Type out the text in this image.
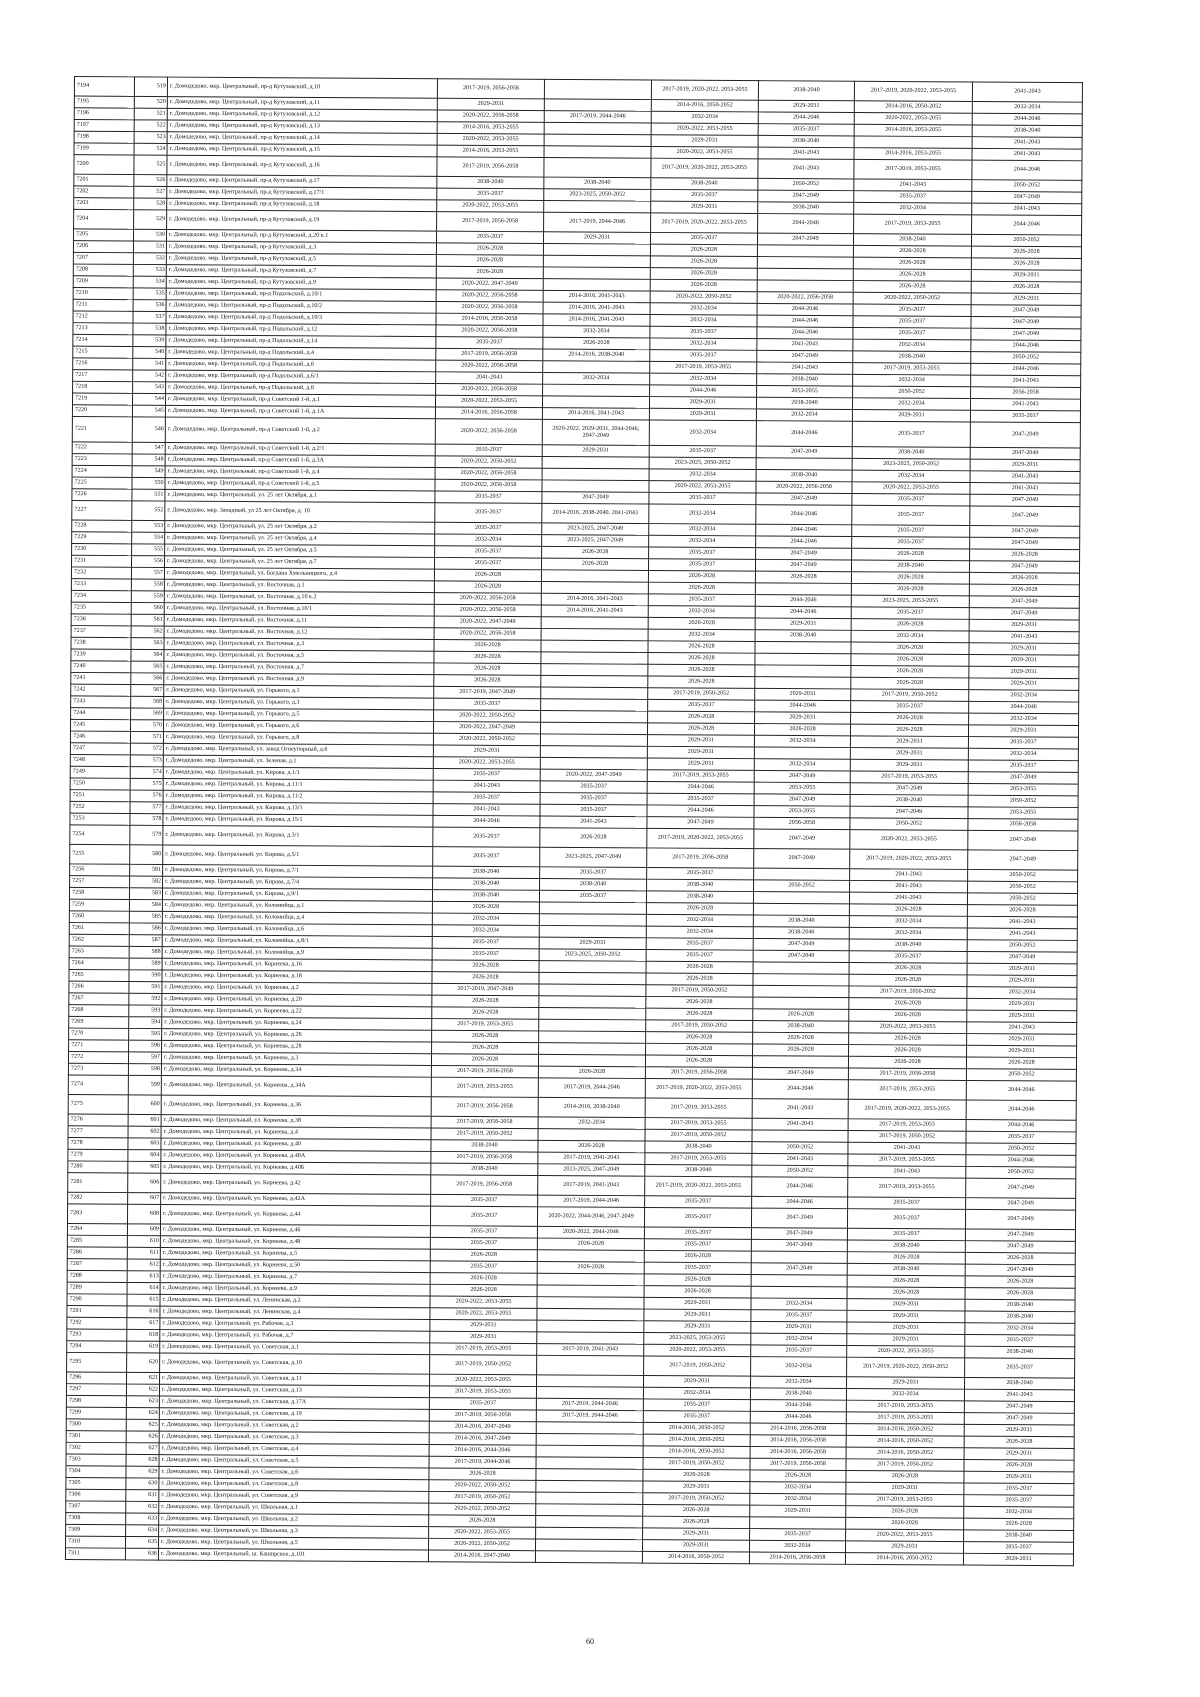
7194	519	г. Домодедово, мкр. Центральный, пр-д Кутузовский, д.10	2017-2019, 2056-2058		2017-2019, 2020-2022, 2053-2055	2038-2040	2017-2019, 2020-2022, 2053-2055	2041-2043
7195	520	г. Домодедово, мкр. Центральный, пр-д Кутузовский, д.11	2029-2031		2014-2016, 2050-2052	2029-2031	2014-2016, 2050-2052	2032-2034
7196	521	г. Домодедово, мкр. Центральный, пр-д Кутузовский, д.12	2020-2022, 2056-2058	2017-2019, 2044-2046	2032-2034	2044-2046	2020-2022, 2053-2055	2044-2046
7197	522	г. Домодедово, мкр. Центральный, пр-д Кутузовский, д.13	2014-2016, 2053-2055		2020-2022, 2053-2055	2035-2037	2014-2016, 2053-2055	2038-2040
7198	523	г. Домодедово, мкр. Центральный, пр-д Кутузовский, д.14	2020-2022, 2053-2055		2029-2031	2038-2040		2041-2043
7199	524	г. Домодедово, мкр. Центральный, пр-д Кутузовский, д.15	2014-2016, 2053-2055		2020-2022, 2053-2055	2041-2043	2014-2016, 2053-2055	2041-2043
7200	525	г. Домодедово, мкр. Центральный, пр-д Кутузовский, д.16	2017-2019, 2056-2058		2017-2019, 2020-2022, 2053-2055	2041-2043	2017-2019, 2053-2055	2044-2046
7201	526	г. Домодедово, мкр. Центральный, пр-д Кутузовский, д.17	2038-2040	2038-2040	2038-2040	2050-2052	2041-2043	2050-2052
7202	527	г. Домодедово, мкр. Центральный, пр-д Кутузовский, д.17/1	2035-2037	2023-2025, 2050-2052	2035-2037	2047-2049	2035-2037	2047-2049
7203	528	г. Домодедово, мкр. Центральный, пр-д Кутузовский, д.18	2020-2022, 2053-2055		2029-2031	2038-2040	2032-2034	2041-2043
7204	529	г. Домодедово, мкр. Центральный, пр-д Кутузовский, д.19	2017-2019, 2056-2058	2017-2019, 2044-2046	2017-2019, 2020-2022, 2053-2055	2044-2046	2017-2019, 2053-2055	2044-2046
7205	530	г. Домодедово, мкр. Центральный, пр-д Кутузовский, д.20 к.1	2035-2037	2029-2031	2035-2037	2047-2049	2038-2040	2050-2052
7206	531	г. Домодедово, мкр. Центральный, пр-д Кутузовский, д.3	2026-2028		2026-2028		2026-2028	2026-2028
7207	532	г. Домодедово, мкр. Центральный, пр-д Кутузовский, д.5	2026-2028		2026-2028		2026-2028	2026-2028
7208	533	г. Домодедово, мкр. Центральный, пр-д Кутузовский, д.7	2026-2028		2026-2028		2026-2028	2029-2031
7209	534	г. Домодедово, мкр. Центральный, пр-д Кутузовский, д.9	2020-2022, 2047-2049		2026-2028		2026-2028	2026-2028
7210	535	г. Домодедово, мкр. Центральный, пр-д Подольский, д.10/1	2020-2022, 2056-2058	2014-2016, 2041-2043	2020-2022, 2050-2052	2020-2022, 2056-2058	2020-2022, 2050-2052	2029-2031
7211	536	г. Домодедово, мкр. Центральный, пр-д Подольский, д.10/2	2020-2022, 2056-2058	2014-2016, 2041-2043	2032-2034	2044-2046	2035-2037	2047-2049
7212	537	г. Домодедово, мкр. Центральный, пр-д Подольский, д.10/3	2014-2016, 2056-2058	2014-2016, 2041-2043	2032-2034	2044-2046	2035-2037	2047-2049
7213	538	г. Домодедово, мкр. Центральный, пр-д Подольский, д.12	2020-2022, 2056-2058	2032-2034	2035-2037	2044-2046	2035-2037	2047-2049
7214	539	г. Домодедово, мкр. Центральный, пр-д Подольский, д.14	2035-2037	2026-2028	2032-2034	2041-2043	2032-2034	2044-2046
7215	540	г. Домодедово, мкр. Центральный, пр-д Подольский, д.4	2017-2019, 2056-2058	2014-2016, 2038-2040	2035-2037	2047-2049	2038-2040	2050-2052
7216	541	г. Домодедово, мкр. Центральный, пр-д Подольский, д.6	2020-2022, 2056-2058		2017-2019, 2053-2055	2041-2043	2017-2019, 2053-2055	2044-2046
7217	542	г. Домодедово, мкр. Центральный, пр-д Подольский, д.6/1	2041-2043	2032-2034	2032-2034	2038-2040	2032-2034	2041-2043
7218	543	г. Домодедово, мкр. Центральный, пр-д Подольский, д.8	2020-2022, 2056-2058		2044-2046	2053-2055	2050-2052	2056-2058
7219	544	г. Домодедово, мкр. Центральный, пр-д Советский 1-й, д.1	2020-2022, 2053-2055		2029-2031	2038-2040	2032-2034	2041-2043
7220	545	г. Домодедово, мкр. Центральный, пр-д Советский 1-й, д.1А	2014-2016, 2056-2058	2014-2016, 2041-2043	2029-2031	2032-2034	2029-2031	2035-2037
7221	546	г. Домодедово, мкр. Центральный, пр-д Советский 1-й, д.2	2020-2022, 2056-2058	2020-2022, 2029-2031, 2044-2046, 2047-2049	2032-2034	2044-2046	2035-2037	2047-2049
7222	547	г. Домодедово, мкр. Центральный, пр-д Советский 1-й, д.2/1	2035-2037	2029-2031	2035-2037	2047-2049	2038-2040	2047-2049
7223	548	г. Домодедово, мкр. Центральный, пр-д Советский 1-й, д.3А	2020-2022, 2050-2052		2023-2025, 2050-2052		2023-2025, 2050-2052	2029-2031
7224	549	г. Домодедово, мкр. Центральный, пр-д Советский 1-й, д.4	2020-2022, 2056-2058		2032-2034	2038-2040	2032-2034	2041-2043
7225	550	г. Домодедово, мкр. Центральный, пр-д Советский 1-й, д.5	2020-2022, 2056-2058		2020-2022, 2053-2055	2020-2022, 2056-2058	2020-2022, 2053-2055	2041-2043
7226	551	г. Домодедово, мкр. Центральный, ул. 25 лет Октября, д.1	2035-2037	2047-2049	2035-2037	2047-2049	2035-2037	2047-2049
7227	552	г. Домодедово, мкр. Западный, ул 25 лет Октября, д. 10	2035-2037	2014-2016, 2038-2040, 2041-2043	2032-2034	2044-2046	2035-2037	2047-2049
7228	553	г. Домодедово, мкр. Центральный, ул. 25 лет Октября, д.2	2035-2037	2023-2025, 2047-2049	2032-2034	2044-2046	2035-2037	2047-2049
7229	554	г. Домодедово, мкр. Центральный, ул. 25 лет Октября, д.4	2032-2034	2023-2025, 2047-2049	2032-2034	2044-2046	2035-2037	2047-2049
7230	555	г. Домодедово, мкр. Центральный, ул. 25 лет Октября, д.5	2035-2037	2026-2028	2035-2037	2047-2049	2026-2028	2026-2028
7231	556	г. Домодедово, мкр. Центральный, ул. 25 лет Октября, д.7	2035-2037	2026-2028	2035-2037	2047-2049	2038-2040	2047-2049
7232	557	г. Домодедово, мкр. Центральный, ул. Богдана Хмельницкого, д.4	2026-2028		2026-2028	2026-2028	2026-2028	2026-2028
7233	558	г. Домодедово, мкр. Центральный, ул. Восточная, д.1	2026-2028		2026-2028		2026-2028	2026-2028
7234	559	г. Домодедово, мкр. Центральный, ул. Восточная, д.10 к.2	2020-2022, 2056-2058	2014-2016, 2041-2043	2035-2037	2044-2046	2023-2025, 2053-2055	2047-2049
7235	560	г. Домодедово, мкр. Центральный, ул. Восточная, д.10/1	2020-2022, 2056-2058	2014-2016, 2041-2043	2032-2034	2044-2046	2035-2037	2047-2049
7236	561	г. Домодедово, мкр. Центральный, ул. Восточная, д.11	2020-2022, 2047-2049		2026-2028	2029-2031	2026-2028	2029-2031
7237	562	г. Домодедово, мкр. Центральный, ул. Восточная, д.12	2020-2022, 2056-2058		2032-2034	2038-2040	2032-2034	2041-2043
7238	563	г. Домодедово, мкр. Центральный, ул. Восточная, д.3	2026-2028		2026-2028		2026-2028	2029-2031
7239	564	г. Домодедово, мкр. Центральный, ул. Восточная, д.5	2026-2028		2026-2028		2026-2028	2029-2031
7240	565	г. Домодедово, мкр. Центральный, ул. Восточная, д.7	2026-2028		2026-2028		2026-2028	2029-2031
7241	566	г. Домодедово, мкр. Центральный, ул. Восточная, д.9	2026-2028		2026-2028		2026-2028	2029-2031
7242	567	г. Домодедово, мкр. Центральный, ул. Горького, д.1	2017-2019, 2047-2049		2017-2019, 2050-2052	2029-2031	2017-2019, 2050-2052	2032-2034
7243	568	г. Домодедово, мкр. Центральный, ул. Горького, д.3	2035-2037		2035-2037	2044-2046	2035-2037	2044-2046
7244	569	г. Домодедово, мкр. Центральный, ул. Горького, д.5	2020-2022, 2050-2052		2026-2028	2029-2031	2026-2028	2032-2034
7245	570	г. Домодедово, мкр. Центральный, ул. Горького, д.6	2020-2022, 2047-2049		2026-2028	2026-2028	2026-2028	2029-2031
7246	571	г. Домодедово, мкр. Центральный, ул. Горького, д.8	2020-2022, 2050-2052		2029-2031	2032-2034	2029-2031	2035-2037
7247	572	г. Домодедово, мкр. Центральный, ул. завод Огнеупорный, д.6	2029-2031		2029-2031		2029-2031	2032-2034
7248	573	г. Домодедово, мкр. Центральный, ул. Зеленая, д.1	2020-2022, 2053-2055		2029-2031	2032-2034	2029-2031	2035-2037
7249	574	г. Домодедово, мкр. Центральный, ул. Кирова, д.1/1	2035-2037	2020-2022, 2047-2049	2017-2019, 2053-2055	2047-2049	2017-2019, 2053-2055	2047-2049
7250	575	г. Домодедово, мкр. Центральный, ул. Кирова, д.11/1	2041-2043	2035-2037	2044-2046	2053-2055	2047-2049	2053-2055
7251	576	г. Домодедово, мкр. Центральный, ул. Кирова, д.11/2	2035-2037	2035-2037	2035-2037	2047-2049	2038-2040	2050-2052
7252	577	г. Домодедово, мкр. Центральный, ул. Кирова, д.13/1	2041-2043	2035-2037	2044-2046	2053-2055	2047-2049	2053-2055
7253	578	г. Домодедово, мкр. Центральный, ул. Кирова, д.15/1	2044-2046	2041-2043	2047-2049	2056-2058	2050-2052	2056-2058
7254	579	г. Домодедово, мкр. Центральный, ул. Кирова, д.3/1	2035-2037	2026-2028	2017-2019, 2020-2022, 2053-2055	2047-2049	2020-2022, 2053-2055	2047-2049
7255	580	г. Домодедово, мкр. Центральный, ул. Кирова, д.5/1	2035-2037	2023-2025, 2047-2049	2017-2019, 2056-2058	2047-2049	2017-2019, 2020-2022, 2053-2055	2047-2049
7256	581	г. Домодедово, мкр. Центральный, ул. Кирова, д.7/1	2038-2040	2035-2037	2035-2037		2041-2043	2050-2052
7257	582	г. Домодедово, мкр. Центральный, ул. Кирова, д.7/4	2038-2040	2038-2040	2038-2040	2050-2052	2041-2043	2050-2052
7258	583	г. Домодедово, мкр. Центральный, ул. Кирова, д.9/1	2038-2040	2035-2037	2038-2040		2041-2043	2050-2052
7259	584	г. Домодедово, мкр. Центральный, ул. Коломийца, д.1	2026-2028		2026-2028		2026-2028	2026-2028
7260	585	г. Домодедово, мкр. Центральный, ул. Коломийца, д.4	2032-2034		2032-2034	2038-2040	2032-2034	2041-2043
7261	586	г. Домодедово, мкр. Центральный, ул. Коломийца, д.6	2032-2034		2032-2034	2038-2040	2032-2034	2041-2043
7262	587	г. Домодедово, мкр. Центральный, ул. Коломийца, д.8/1	2035-2037	2029-2031	2035-2037	2047-2049	2038-2040	2050-2052
7263	588	г. Домодедово, мкр. Центральный, ул. Коломийца, д.9	2035-2037	2023-2025, 2050-2052	2035-2037	2047-2049	2035-2037	2047-2049
7264	589	г. Домодедово, мкр. Центральный, ул. Корнеева, д.16	2026-2028		2026-2028		2026-2028	2029-2031
7265	590	г. Домодедово, мкр. Центральный, ул. Корнеева, д.18	2026-2028		2026-2028		2026-2028	2029-2031
7266	591	г. Домодедово, мкр. Центральный, ул. Корнеева, д.2	2017-2019, 2047-2049		2017-2019, 2050-2052		2017-2019, 2050-2052	2032-2034
7267	592	г. Домодедово, мкр. Центральный, ул. Корнеева, д.20	2026-2028		2026-2028		2026-2028	2029-2031
7268	593	г. Домодедово, мкр. Центральный, ул. Корнеева, д.22	2026-2028		2026-2028	2026-2028	2026-2028	2029-2031
7269	594	г. Домодедово, мкр. Центральный, ул. Корнеева, д.24	2017-2019, 2053-2055		2017-2019, 2050-2052	2038-2040	2020-2022, 2053-2055	2041-2043
7270	595	г. Домодедово, мкр. Центральный, ул. Корнеева, д.26	2026-2028		2026-2028	2026-2028	2026-2028	2029-2031
7271	596	г. Домодедово, мкр. Центральный, ул. Корнеева, д.28	2026-2028		2026-2028	2026-2028	2026-2028	2029-2031
7272	597	г. Домодедово, мкр. Центральный, ул. Корнеева, д.3	2026-2028		2026-2028		2026-2028	2026-2028
7273	598	г. Домодедово, мкр. Центральный, ул. Корнеева, д.34	2017-2019, 2056-2058	2026-2028	2017-2019, 2056-2058	2047-2049	2017-2019, 2056-2058	2050-2052
7274	599	г. Домодедово, мкр. Центральный, ул. Корнеева, д.34А	2017-2019, 2053-2055	2017-2019, 2044-2046	2017-2019, 2020-2022, 2053-2055	2044-2046	2017-2019, 2053-2055	2044-2046
7275	600	г. Домодедово, мкр. Центральный, ул. Корнеева, д.36	2017-2019, 2056-2058	2014-2016, 2038-2040	2017-2019, 2053-2055	2041-2043	2017-2019, 2020-2022, 2053-2055	2044-2046
7276	601	г. Домодедово, мкр. Центральный, ул. Корнеева, д.38	2017-2019, 2056-2058	2032-2034	2017-2019, 2053-2055	2041-2043	2017-2019, 2053-2055	2044-2046
7277	602	г. Домодедово, мкр. Центральный, ул. Корнеева, д.4	2017-2019, 2050-2052		2017-2019, 2050-2052		2017-2019, 2050-2052	2035-2037
7278	603	г. Домодедово, мкр. Центральный, ул. Корнеева, д.40	2038-2040	2026-2028	2038-2040	2050-2052	2041-2043	2050-2052
7279	604	г. Домодедово, мкр. Центральный, ул. Корнеева, д.40А	2017-2019, 2056-2058	2017-2019, 2041-2043	2017-2019, 2053-2055	2041-2043	2017-2019, 2053-2055	2044-2046
7280	605	г. Домодедово, мкр. Центральный, ул. Корнеева, д.40Б	2038-2040	2023-2025, 2047-2049	2038-2040	2050-2052	2041-2043	2050-2052
7281	606	г. Домодедово, мкр. Центральный, ул. Корнеева, д.42	2017-2019, 2056-2058	2017-2019, 2041-2043	2017-2019, 2020-2022, 2053-2055	2044-2046	2017-2019, 2053-2055	2047-2049
7282	607	г. Домодедово, мкр. Центральный, ул. Корнеева, д.42А	2035-2037	2017-2019, 2044-2046	2035-2037	2044-2046	2035-2037	2047-2049
7283	608	г. Домодедово, мкр. Центральный, ул. Корнеева, д.44	2035-2037	2020-2022, 2044-2046, 2047-2049	2035-2037	2047-2049	2035-2037	2047-2049
7284	609	г. Домодедово, мкр. Центральный, ул. Корнеева, д.46	2035-2037	2020-2022, 2044-2046	2035-2037	2047-2049	2035-2037	2047-2049
7285	610	г. Домодедово, мкр. Центральный, ул. Корнеева, д.48	2035-2037	2026-2028	2035-2037	2047-2049	2038-2040	2047-2049
7286	611	г. Домодедово, мкр. Центральный, ул. Корнеева, д.5	2026-2028		2026-2028		2026-2028	2026-2028
7287	612	г. Домодедово, мкр. Центральный, ул. Корнеева, д.50	2035-2037	2026-2028	2035-2037	2047-2049	2038-2040	2047-2049
7288	613	г. Домодедово, мкр. Центральный, ул. Корнеева, д.7	2026-2028		2026-2028		2026-2028	2026-2028
7289	614	г. Домодедово, мкр. Центральный, ул. Корнеева, д.9	2026-2028		2026-2028		2026-2028	2026-2028
7290	615	г. Домодедово, мкр. Центральный, ул. Ленинская, д.2	2020-2022, 2053-2055		2029-2031	2032-2034	2029-2031	2038-2040
7291	616	г. Домодедово, мкр. Центральный, ул. Ленинская, д.4	2020-2022, 2053-2055		2029-2031	2035-2037	2029-2031	2038-2040
7292	617	г. Домодедово, мкр. Центральный, ул. Рабочая, д.3	2029-2031		2029-2031	2029-2031	2029-2031	2032-2034
7293	618	г. Домодедово, мкр. Центральный, ул. Рабочая, д.7	2029-2031		2023-2025, 2053-2055	2032-2034	2029-2031	2035-2037
7294	619	г. Домодедово, мкр. Центральный, ул. Советская, д.1	2017-2019, 2053-2055	2017-2019, 2041-2043	2020-2022, 2053-2055	2035-2037	2020-2022, 2053-2055	2038-2040
7295	620	г. Домодедово, мкр. Центральный, ул. Советская, д.10	2017-2019, 2050-2052		2017-2019, 2050-2052	2032-2034	2017-2019, 2020-2022, 2050-2052	2035-2037
7296	621	г. Домодедово, мкр. Центральный, ул. Советская, д.11	2020-2022, 2053-2055		2029-2031	2032-2034	2029-2031	2038-2040
7297	622	г. Домодедово, мкр. Центральный, ул. Советская, д.13	2017-2019, 2053-2055		2032-2034	2038-2040	2032-2034	2041-2043
7298	623	г. Домодедово, мкр. Центральный, ул. Советская, д.17А	2035-2037	2017-2019, 2044-2046	2035-2037	2044-2046	2017-2019, 2053-2055	2047-2049
7299	624	г. Домодедово, мкр. Центральный, ул. Советская, д.19	2017-2019, 2056-2058	2017-2019, 2044-2046	2035-2037	2044-2046	2017-2019, 2053-2055	2047-2049
7300	625	г. Домодедово, мкр. Центральный, ул. Советская, д.2	2014-2016, 2047-2049		2014-2016, 2050-2052	2014-2016, 2056-2058	2014-2016, 2050-2052	2029-2031
7301	626	г. Домодедово, мкр. Центральный, ул. Советская, д.3	2014-2016, 2047-2049		2014-2016, 2050-2052	2014-2016, 2056-2058	2014-2016, 2050-2052	2026-2028
7302	627	г. Домодедово, мкр. Центральный, ул. Советская, д.4	2014-2016, 2044-2046		2014-2016, 2050-2052	2014-2016, 2056-2058	2014-2016, 2050-2052	2029-2031
7303	628	г. Домодедово, мкр. Центральный, ул. Советская, д.5	2017-2019, 2044-2046		2017-2019, 2050-2052	2017-2019, 2056-2058	2017-2019, 2050-2052	2026-2028
7304	629	г. Домодедово, мкр. Центральный, ул. Советская, д.6	2026-2028		2026-2028	2026-2028	2026-2028	2029-2031
7305	630	г. Домодедово, мкр. Центральный, ул. Советская, д.8	2020-2022, 2050-2052		2029-2031	2032-2034	2029-2031	2035-2037
7306	631	г. Домодедово, мкр. Центральный, ул. Советская, д.9	2017-2019, 2050-2052		2017-2019, 2050-2052	2032-2034	2017-2019, 2053-2055	2035-2037
7307	632	г. Домодедово, мкр. Центральный, ул. Школьная, д.1	2020-2022, 2050-2052		2026-2028	2029-2031	2026-2028	2032-2034
7308	633	г. Домодедово, мкр. Центральный, ул. Школьная, д.2	2026-2028		2026-2028		2026-2028	2026-2028
7309	634	г. Домодедово, мкр. Центральный, ул. Школьная, д.3	2020-2022, 2053-2055		2029-2031	2035-2037	2020-2022, 2053-2055	2038-2040
7310	635	г. Домодедово, мкр. Центральный, ул. Школьная, д.5	2020-2022, 2050-2052		2029-2031	2032-2034	2029-2031	2035-2037
7311	636	г. Домодедово, мкр. Центральный, ш. Каширское, д.101	2014-2016, 2047-2049		2014-2016, 2050-2052	2014-2016, 2056-2058	2014-2016, 2050-2052	2029-2031
60
